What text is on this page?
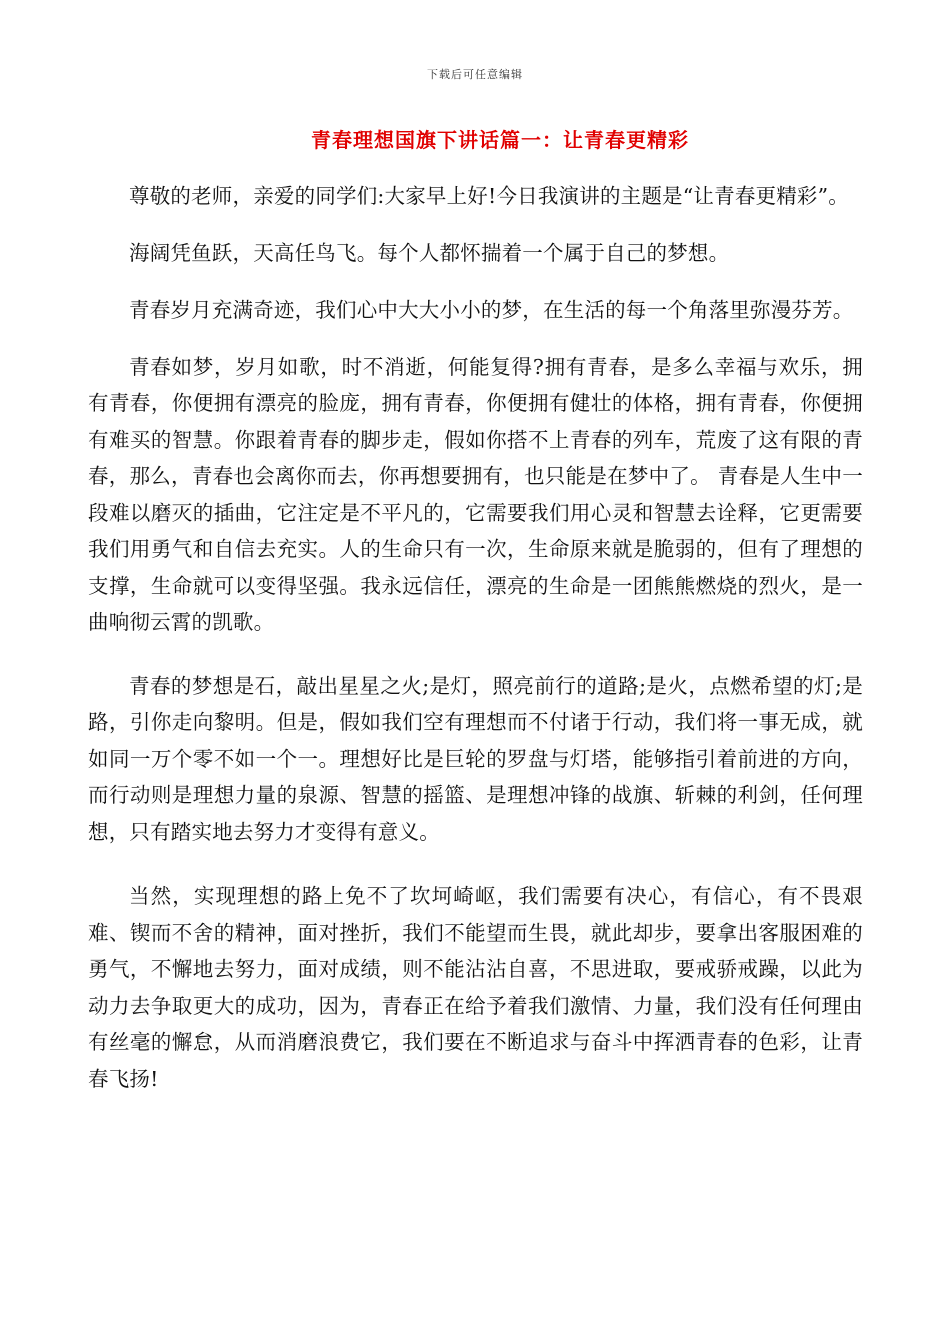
下载后可任意编辑
青春理想国旗下讲话篇一：让青春更精彩

尊敬的老师，亲爱的同学们:大家早上好!今日我演讲的主题是“让青春更精彩”。

海阔凭鱼跃，天高任鸟飞。每个人都怀揣着一个属于自己的梦想。

青春岁月充满奇迹，我们心中大大小小的梦，在生活的每一个角落里弥漫芬芳。

青春如梦，岁月如歌，时不消逝，何能复得?拥有青春，是多么幸福与欢乐，拥有青春，你便拥有漂亮的脸庞，拥有青春，你便拥有健壮的体格，拥有青春，你便拥有难买的智慧。你跟着青春的脚步走，假如你搭不上青春的列车，荒废了这有限的青春，那么，青春也会离你而去，你再想要拥有，也只能是在梦中了。 青春是人生中一段难以磨灭的插曲，它注定是不平凡的，它需要我们用心灵和智慧去诠释，它更需要我们用勇气和自信去充实。人的生命只有一次，生命原来就是脆弱的，但有了理想的支撑，生命就可以变得坚强。我永远信任，漂亮的生命是一团熊熊燃烧的烈火，是一曲响彻云霄的凯歌。

青春的梦想是石，敲出星星之火;是灯，照亮前行的道路;是火，点燃希望的灯;是路，引你走向黎明。但是，假如我们空有理想而不付诸于行动，我们将一事无成，就如同一万个零不如一个一。理想好比是巨轮的罗盘与灯塔，能够指引着前进的方向，而行动则是理想力量的泉源、智慧的摇篮、是理想冲锋的战旗、斩棘的利剑，任何理想，只有踏实地去努力才变得有意义。

当然，实现理想的路上免不了坎坷崎岖，我们需要有决心，有信心，有不畏艰难、锲而不舍的精神，面对挫折，我们不能望而生畏，就此却步，要拿出客服困难的勇气，不懈地去努力，面对成绩，则不能沾沾自喜，不思进取，要戒骄戒躁，以此为动力去争取更大的成功，因为，青春正在给予着我们激情、力量，我们没有任何理由有丝毫的懈怠，从而消磨浪费它，我们要在不断追求与奋斗中挥洒青春的色彩，让青春飞扬!
